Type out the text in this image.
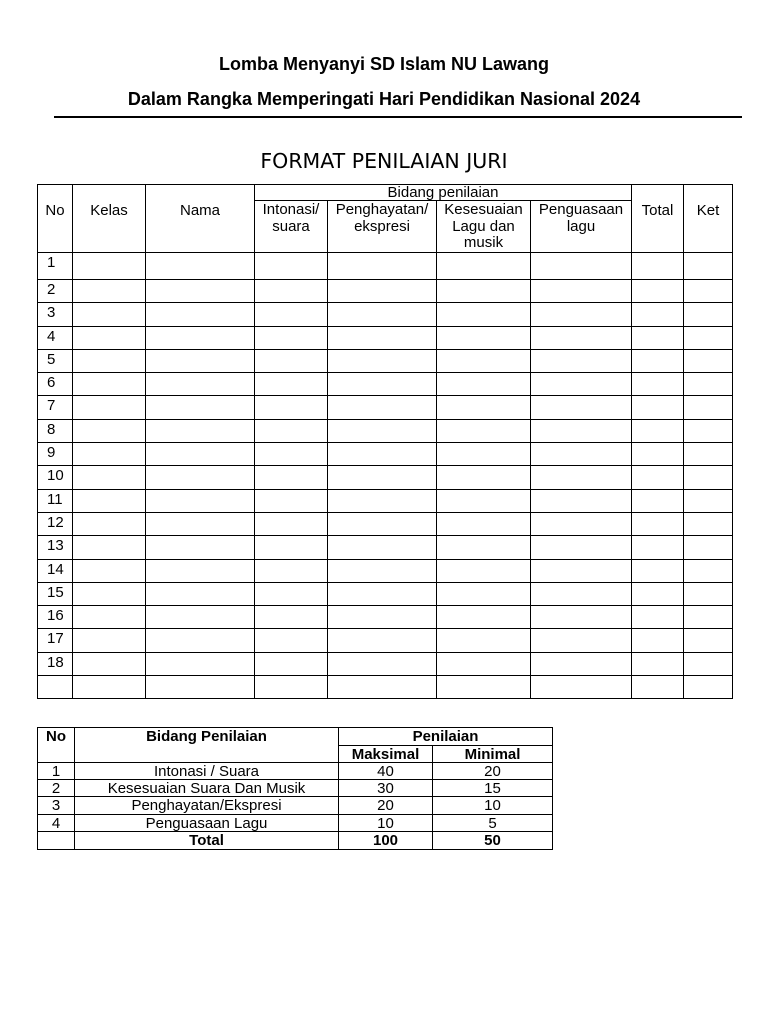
Lomba Menyanyi SD Islam NU Lawang
Dalam Rangka Memperingati Hari Pendidikan Nasional 2024
FORMAT PENILAIAN JURI
No	Kelas	Nama	Bidang penilaian				Total	Ket
			Intonasi/ suara	Penghayatan/ ekspresi	Kesesuaian Lagu dan musik	Penguasaan lagu		
1								
2								
3								
4								
5								
6								
7								
8								
9								
10								
11								
12								
13								
14								
15								
16								
17								
18								

No	Bidang Penilaian	Penilaian	
		Maksimal	Minimal
1	Intonasi / Suara	40	20
2	Kesesuaian Suara Dan Musik	30	15
3	Penghayatan/Ekspresi	20	10
4	Penguasaan Lagu	10	5
	Total	100	50
